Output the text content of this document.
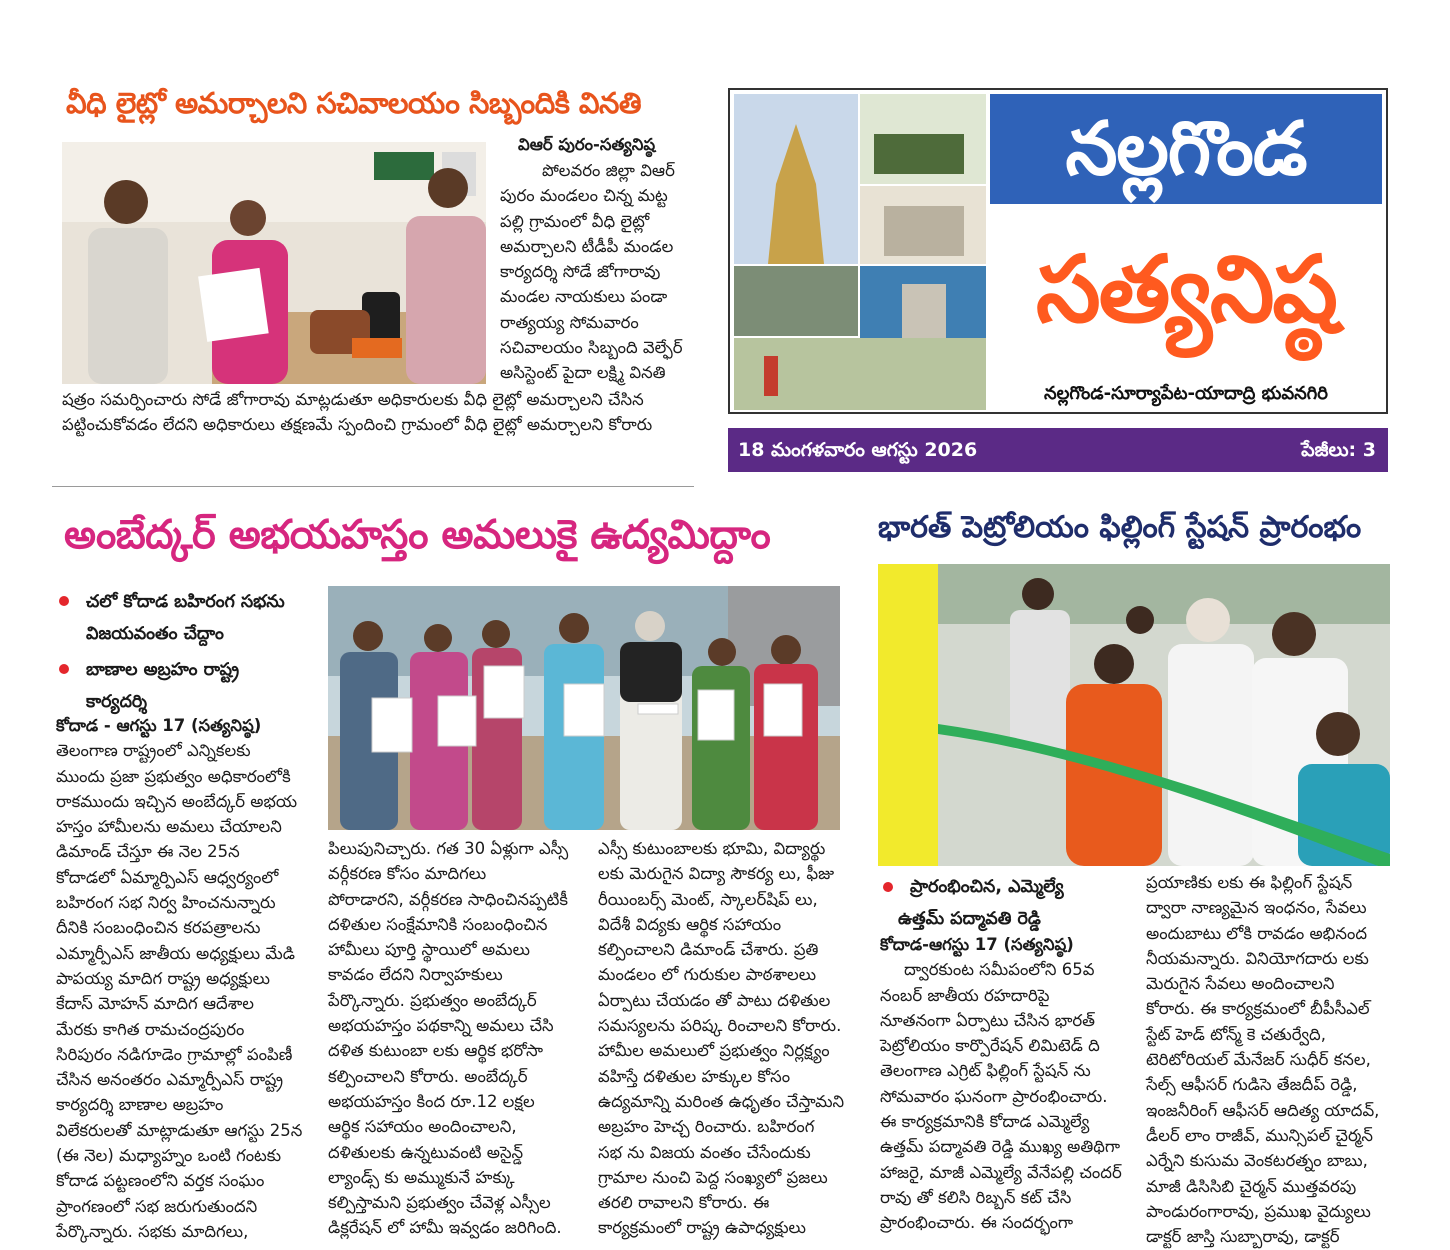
వీధి లైట్లో అమర్చాలని సచివాలయం సిబ్బందికి వినతి
విఆర్ పురం-సత్యనిష్ఠ

పోలవరం జిల్లా విఆర్

పురం మండలం చిన్న మట్ట

పల్లి గ్రామంలో వీధి లైట్లో

అమర్చాలని టీడీపీ మండల

కార్యదర్శి సోడే జోగారావు

మండల నాయకులు పండా

రాత్యయ్య సోమవారం

సచివాలయం సిబ్బంది వెల్ఫేర్

అసిస్టెంట్ పైదా లక్ష్మి వినతి

షత్రం సమర్పించారు సోడే జోగారావు మాట్లడుతూ అధికారులకు వీధి లైట్లో అమర్చాలని చేసిన

పట్టించుకోవడం లేదని అధికారులు తక్షణమే స్పందించి గ్రామంలో వీధి లైట్లో అమర్చాలని కోరారు

నల్లగొండ
సత్యనిష్ఠ
నల్లగొండ-సూర్యాపేట-యాదాద్రి భువనగిరి
18 మంగళవారం ఆగస్టు 2026	పేజీలు: 3
అంబేద్కర్ అభయహస్తం అమలుకై ఉద్యమిద్దాం
చలో కోదాడ బహిరంగ సభను విజయవంతం చేద్దాం
బాణాల అబ్రహం రాష్ట్ర కార్యదర్శి

కోదాడ - ఆగస్టు 17 (సత్యనిష్ఠ)

తెలంగాణ రాష్ట్రంలో ఎన్నికలకు

ముందు ప్రజా ప్రభుత్వం అధికారంలోకి

రాకముందు ఇచ్చిన అంబేద్కర్ అభయ

హస్తం హామీలను అమలు చేయాలని

డిమాండ్ చేస్తూ ఈ నెల 25న

కోదాడలో ఏమ్మార్పిఎస్ ఆధ్వర్యంలో

బహిరంగ సభ నిర్వ హించనున్నారు

దీనికి సంబంధించిన కరపత్రాలను

ఎమ్మార్పీఎస్ జాతీయ అధ్యక్షులు మేడి

పాపయ్య మాదిగ రాష్ట్ర అధ్యక్షులు

కేదాస్ మోహన్ మాదిగ ఆదేశాల

మేరకు కాగిత రామచంద్రపురం

సిరిపురం నడిగూడెం గ్రామాల్లో పంపిణీ

చేసిన అనంతరం ఎమ్మార్పీఎస్ రాష్ట్ర

కార్యదర్శి బాణాల అబ్రహం

విలేకరులతో మాట్లాడుతూ ఆగస్టు 25న

(ఈ నెల) మధ్యాహ్నం ఒంటి గంటకు

కోదాడ పట్టణంలోని వర్తక సంఘం

ప్రాంగణంలో సభ జరుగుతుందని

పేర్కొన్నారు. సభకు మాదిగలు,

పిలుపునిచ్చారు. గత 30 ఏళ్లుగా ఎస్సీ

వర్గీకరణ కోసం మాదిగలు

పోరాడారని, వర్గీకరణ సాధించినప్పటికీ

దళితుల సంక్షేమానికి సంబంధించిన

హామీలు పూర్తి స్థాయిలో అమలు

కావడం లేదని నిర్వాహకులు

పేర్కొన్నారు. ప్రభుత్వం అంబేద్కర్

అభయహస్తం పథకాన్ని అమలు చేసి

దళిత కుటుంబా లకు ఆర్థిక భరోసా

కల్పించాలని కోరారు. అంబేద్కర్

అభయహస్తం కింద రూ.12 లక్షల

ఆర్థిక సహాయం అందించాలని,

దళితులకు ఉన్నటువంటి అసైన్డ్

ల్యాండ్స్ కు అమ్ముకునే హక్కు

కల్పిస్తామని ప్రభుత్వం చేవెళ్ల ఎస్సీల

డిక్లరేషన్ లో హామీ ఇవ్వడం జరిగింది.

ఎస్సీ కుటుంబాలకు భూమి, విద్యార్థు

లకు మెరుగైన విద్యా సౌకర్య లు, ఫీజు

రీయింబర్స్ మెంట్, స్కాలర్‌షిప్ లు,

విదేశీ విద్యకు ఆర్థిక సహాయం

కల్పించాలని డిమాండ్ చేశారు. ప్రతి

మండలం లో గురుకుల పాఠశాలలు

ఏర్పాటు చేయడం తో పాటు దళితుల

సమస్యలను పరిష్క రించాలని కోరారు.

హామీల అమలులో ప్రభుత్వం నిర్లక్ష్యం

వహిస్తే దళితుల హక్కుల కోసం

ఉద్యమాన్ని మరింత ఉధృతం చేస్తామని

అబ్రహం హెచ్చ రించారు. బహిరంగ

సభ ను విజయ వంతం చేసేందుకు

గ్రామాల నుంచి పెద్ద సంఖ్యలో ప్రజలు

తరలి రావాలని కోరారు. ఈ

కార్యక్రమంలో రాష్ట్ర ఉపాధ్యక్షులు

భారత్ పెట్రోలియం ఫిల్లింగ్ స్టేషన్ ప్రారంభం
ప్రారంభించిన, ఎమ్మెల్యే
ఉత్తమ్ పద్మావతి రెడ్డి

కోదాడ-ఆగస్టు 17 (సత్యనిష్ఠ)

ద్వారకుంట సమీపంలోని 65వ

నంబర్ జాతీయ రహదారిపై

నూతనంగా ఏర్పాటు చేసిన భారత్

పెట్రోలియం కార్పొరేషన్ లిమిటెడ్ ది

తెలంగాణ ఎగ్రిట్ ఫిల్లింగ్ స్టేషన్ ను

సోమవారం ఘనంగా ప్రారంభించారు.

ఈ కార్యక్రమానికి కోదాడ ఎమ్మెల్యే

ఉత్తమ్ పద్మావతి రెడ్డి ముఖ్య అతిథిగా

హాజరై, మాజీ ఎమ్మెల్యే వేనేపల్లి చందర్

రావు తో కలిసి రిబ్బన్ కట్ చేసి

ప్రారంభించారు. ఈ సందర్భంగా

ప్రయాణికు లకు ఈ ఫిల్లింగ్ స్టేషన్

ద్వారా నాణ్యమైన ఇంధనం, సేవలు

అందుబాటు లోకి రావడం అభినంద

నీయమన్నారు. వినియోగదారు లకు

మెరుగైన సేవలు అందించాలని

కోరారు. ఈ కార్యక్రమంలో బీపీసీఎల్

స్టేట్ హెడ్ టోన్మ్ కె చతుర్వేది,

టెరిటోరియల్ మేనేజర్ సుధీర్ కనల,

సేల్స్ ఆఫీసర్ గుడిసె తేజదీప్ రెడ్డి,

ఇంజనీరింగ్ ఆఫీసర్ ఆదిత్య యాదవ్,

డీలర్ లాం రాజీవ్, మున్సిపల్ చైర్మన్

ఎర్నేని కుసుమ వెంకటరత్నం బాబు,

మాజీ డిసిసిబి చైర్మన్ ముత్తవరపు

పాండురంగారావు, ప్రముఖ వైద్యులు

డాక్టర్ జాస్తి సుబ్బారావు, డాక్టర్
